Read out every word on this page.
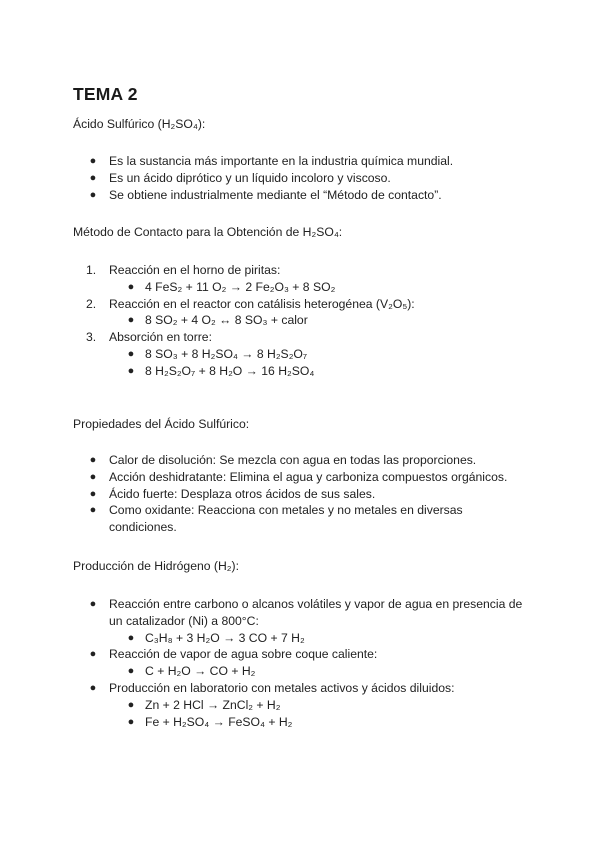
TEMA 2
Ácido Sulfúrico (H₂SO₄):
● Es la sustancia más importante en la industria química mundial.
● Es un ácido diprótico y un líquido incoloro y viscoso.
● Se obtiene industrialmente mediante el “Método de contacto”.
Método de Contacto para la Obtención de H₂SO₄:
1. Reacción en el horno de piritas:
● 4 FeS₂ + 11 O₂ → 2 Fe₂O₃ + 8 SO₂
2. Reacción en el reactor con catálisis heterogénea (V₂O₅):
● 8 SO₂ + 4 O₂ ↔ 8 SO₃ + calor
3. Absorción en torre:
● 8 SO₃ + 8 H₂SO₄ → 8 H₂S₂O₇
● 8 H₂S₂O₇ + 8 H₂O → 16 H₂SO₄
Propiedades del Ácido Sulfúrico:
● Calor de disolución: Se mezcla con agua en todas las proporciones.
● Acción deshidratante: Elimina el agua y carboniza compuestos orgánicos.
● Ácido fuerte: Desplaza otros ácidos de sus sales.
● Como oxidante: Reacciona con metales y no metales en diversas condiciones.
Producción de Hidrógeno (H₂):
● Reacción entre carbono o alcanos volátiles y vapor de agua en presencia de un catalizador (Ni) a 800°C:
● C₃H₈ + 3 H₂O → 3 CO + 7 H₂
● Reacción de vapor de agua sobre coque caliente:
● C + H₂O → CO + H₂
● Producción en laboratorio con metales activos y ácidos diluidos:
● Zn + 2 HCl → ZnCl₂ + H₂
● Fe + H₂SO₄ → FeSO₄ + H₂
